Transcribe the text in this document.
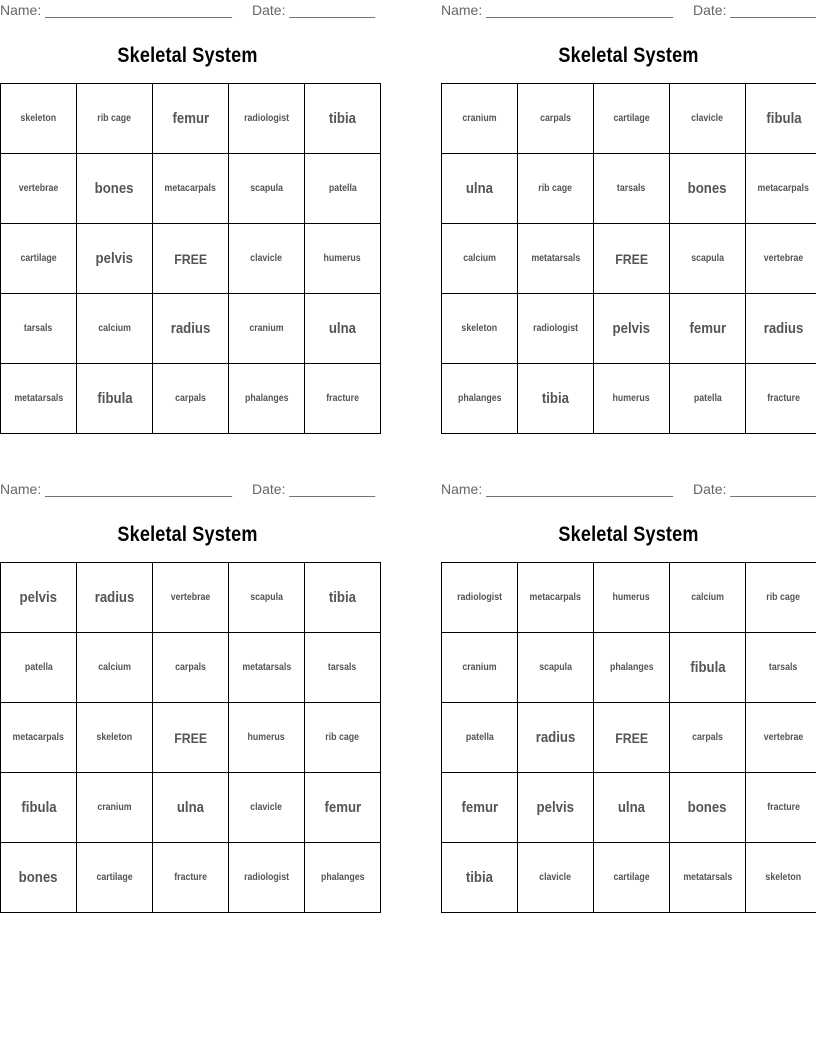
Name: ________________________ Date: ___________
Skeletal System
skeleton	rib cage	femur	radiologist	tibia
vertebrae	bones	metacarpals	scapula	patella
cartilage	pelvis	FREE	clavicle	humerus
tarsals	calcium	radius	cranium	ulna
metatarsals	fibula	carpals	phalanges	fracture
Name: ________________________ Date: ___________
Skeletal System
cranium	carpals	cartilage	clavicle	fibula
ulna	rib cage	tarsals	bones	metacarpals
calcium	metatarsals	FREE	scapula	vertebrae
skeleton	radiologist	pelvis	femur	radius
phalanges	tibia	humerus	patella	fracture
Name: ________________________ Date: ___________
Skeletal System
pelvis	radius	vertebrae	scapula	tibia
patella	calcium	carpals	metatarsals	tarsals
metacarpals	skeleton	FREE	humerus	rib cage
fibula	cranium	ulna	clavicle	femur
bones	cartilage	fracture	radiologist	phalanges
Name: ________________________ Date: ___________
Skeletal System
radiologist	metacarpals	humerus	calcium	rib cage
cranium	scapula	phalanges	fibula	tarsals
patella	radius	FREE	carpals	vertebrae
femur	pelvis	ulna	bones	fracture
tibia	clavicle	cartilage	metatarsals	skeleton
